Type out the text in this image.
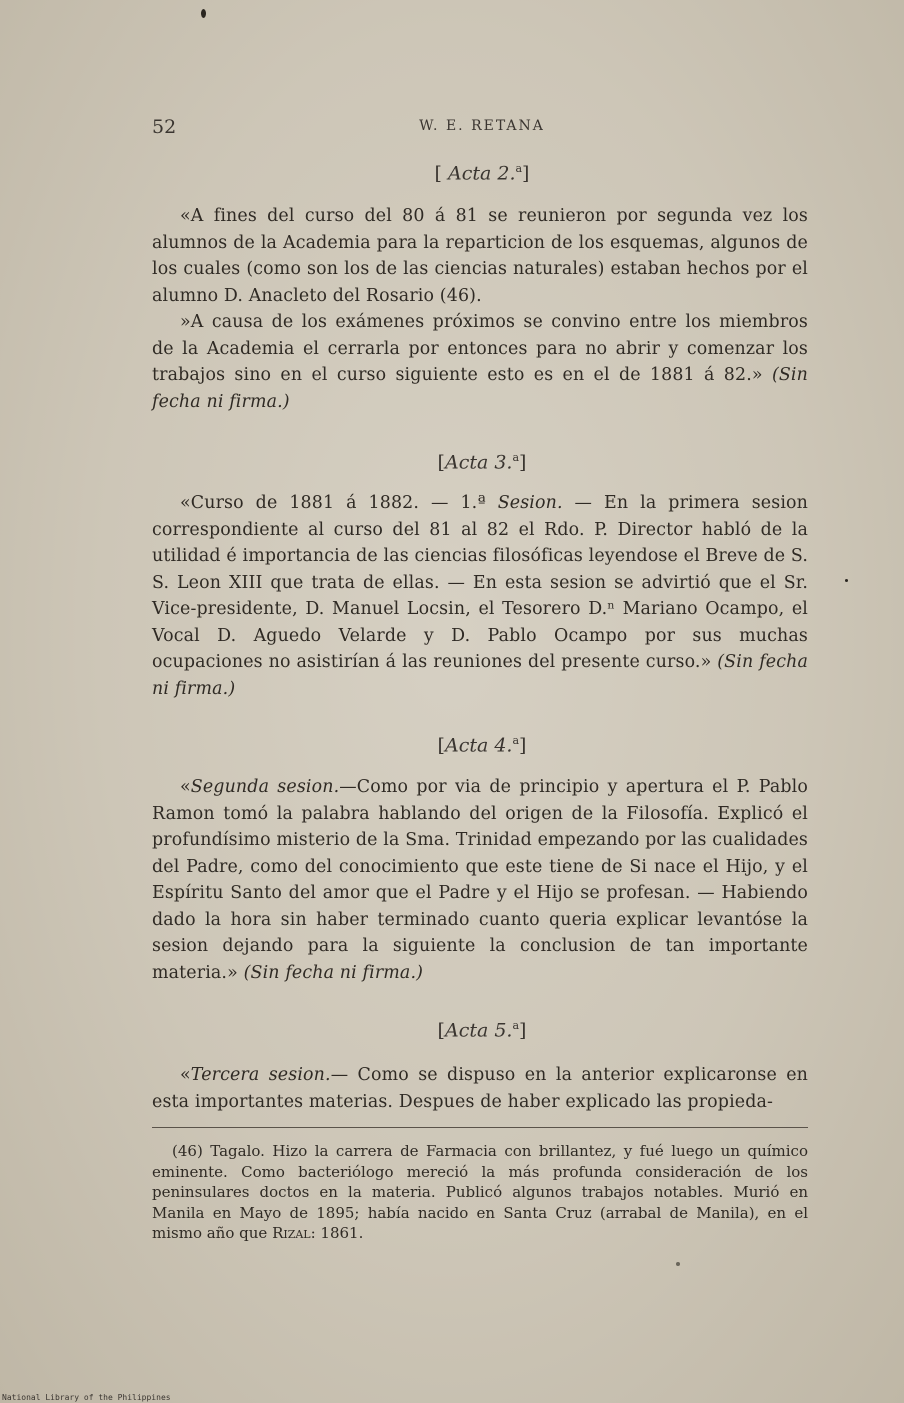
52	W. E. RETANA
[ Acta 2.$^a$]

«A fines del curso del 80 á 81 se reunieron por segunda vez los alumnos de la Academia para la reparticion de los esquemas, algunos de los cuales (como son los de las ciencias naturales) estaban hechos por el alumno D. Anacleto del Rosario (46).

»A causa de los exámenes próximos se convino entre los miembros de la Academia el cerrarla por entonces para no abrir y comenzar los trabajos sino en el curso siguiente esto es en el de 1881 á 82.» (Sin fecha ni firma.)

[Acta 3.$^a$]

«Curso de 1881 á 1882. — 1.ª Sesion. — En la primera sesion correspondiente al curso del 81 al 82 el Rdo. P. Director habló de la utilidad é importancia de las ciencias filosóficas leyendose el Breve de S. S. Leon XIII que trata de ellas. — En esta sesion se advirtió que el Sr. Vice-presidente, D. Manuel Locsin, el Tesorero D.ⁿ Mariano Ocampo, el Vocal D. Aguedo Velarde y D. Pablo Ocampo por sus muchas ocupaciones no asistirían á las reuniones del presente curso.» (Sin fecha ni firma.)

[Acta 4.$^a$]

«Segunda sesion.—Como por via de principio y apertura el P. Pablo Ramon tomó la palabra hablando del origen de la Filosofía. Explicó el profundísimo misterio de la Sma. Trinidad empezando por las cualidades del Padre, como del conocimiento que este tiene de Si nace el Hijo, y el Espíritu Santo del amor que el Padre y el Hijo se profesan. — Habiendo dado la hora sin haber terminado cuanto queria explicar levantóse la sesion dejando para la siguiente la conclusion de tan importante materia.» (Sin fecha ni firma.)

[Acta 5.$^a$]

«Tercera sesion.— Como se dispuso en la anterior explicaronse en esta importantes materias. Despues de haber explicado las propieda-

(46) Tagalo. Hizo la carrera de Farmacia con brillantez, y fué luego un químico eminente. Como bacteriólogo mereció la más profunda consideración de los peninsulares doctos en la materia. Publicó algunos trabajos notables. Murió en Manila en Mayo de 1895; había nacido en Santa Cruz (arrabal de Manila), en el mismo año que Rizal: 1861.

National Library of the Philippines
